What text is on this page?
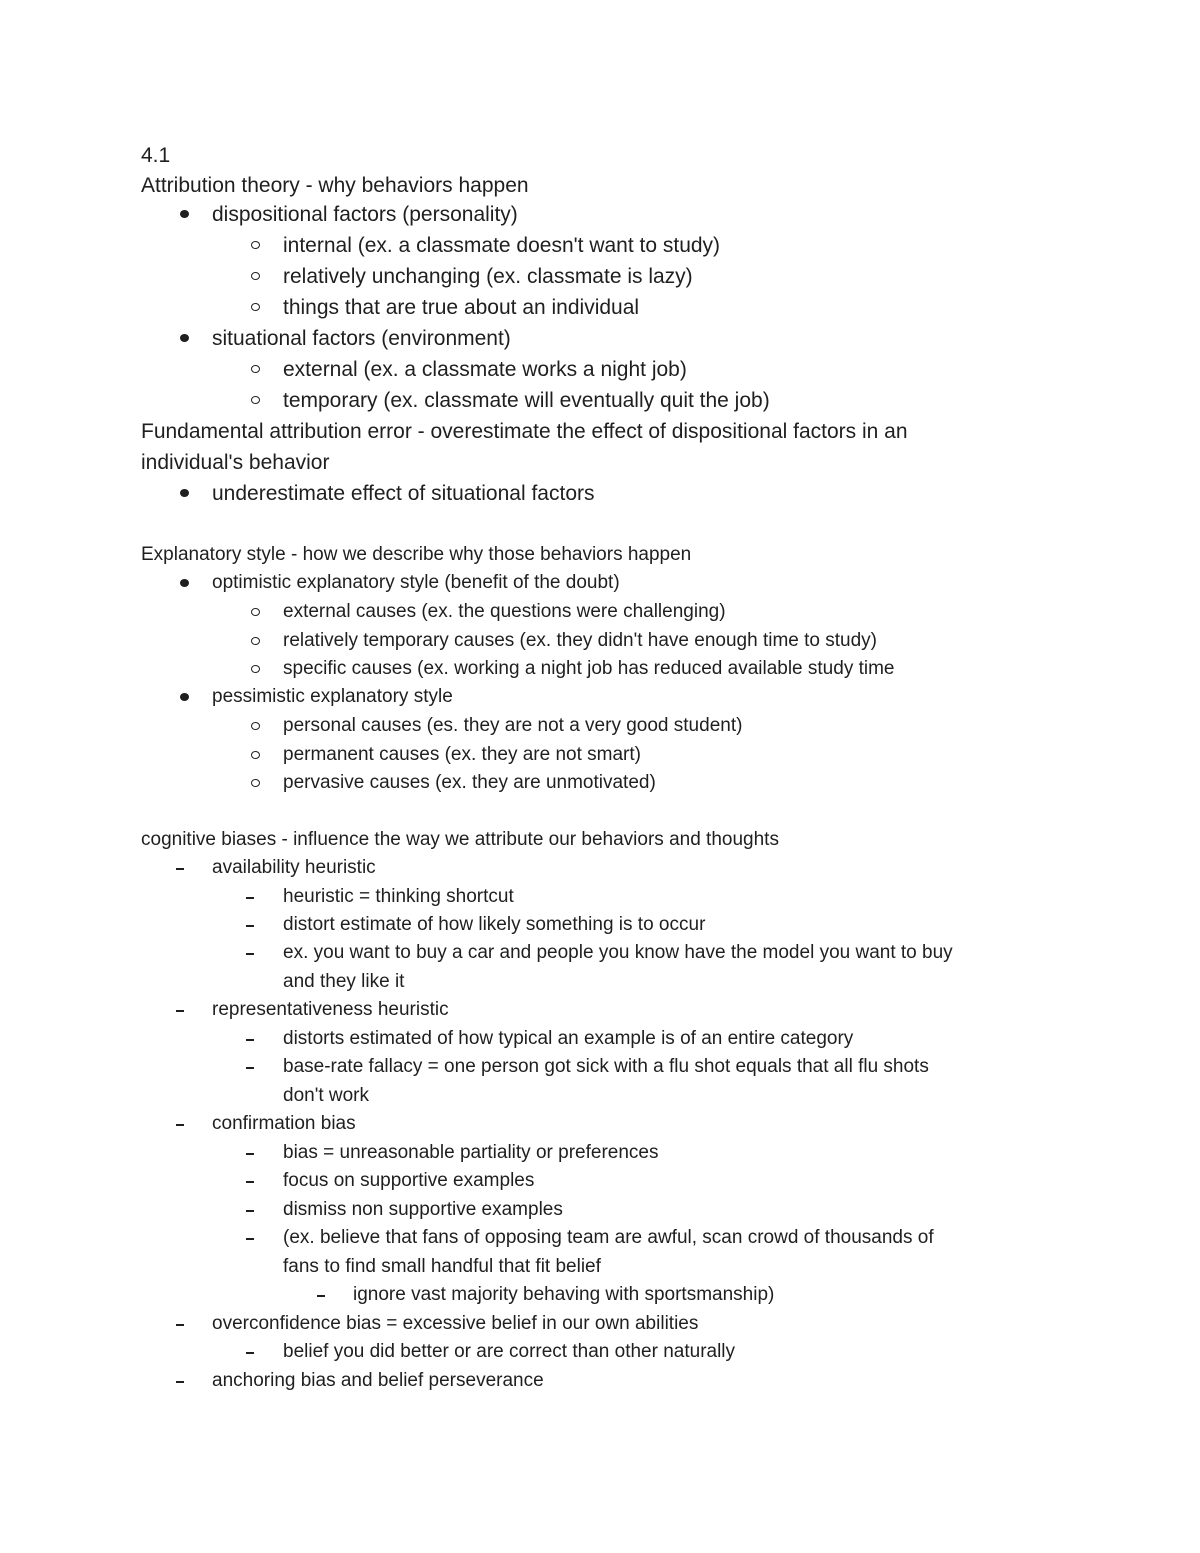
4.1
Attribution theory - why behaviors happen
dispositional factors (personality)
internal (ex. a classmate doesn't want to study)
relatively unchanging (ex. classmate is lazy)
things that are true about an individual
situational factors (environment)
external (ex. a classmate works a night job)
temporary (ex. classmate will eventually quit the job)
Fundamental attribution error - overestimate the effect of dispositional factors in an
individual's behavior
underestimate effect of situational factors
Explanatory style - how we describe why those behaviors happen
optimistic explanatory style (benefit of the doubt)
external causes (ex. the questions were challenging)
relatively temporary causes (ex. they didn't have enough time to study)
specific causes (ex. working a night job has reduced available study time
pessimistic explanatory style
personal causes (es. they are not a very good student)
permanent causes (ex. they are not smart)
pervasive causes (ex. they are unmotivated)
cognitive biases - influence the way we attribute our behaviors and thoughts
availability heuristic
heuristic = thinking shortcut
distort estimate of how likely something is to occur
ex. you want to buy a car and people you know have the model you want to buy
and they like it
representativeness heuristic
distorts estimated of how typical an example is of an entire category
base-rate fallacy = one person got sick with a flu shot equals that all flu shots
don't work
confirmation bias
bias = unreasonable partiality or preferences
focus on supportive examples
dismiss non supportive examples
(ex. believe that fans of opposing team are awful, scan crowd of thousands of
fans to find small handful that fit belief
ignore vast majority behaving with sportsmanship)
overconfidence bias = excessive belief in our own abilities
belief you did better or are correct than other naturally
anchoring bias and belief perseverance
